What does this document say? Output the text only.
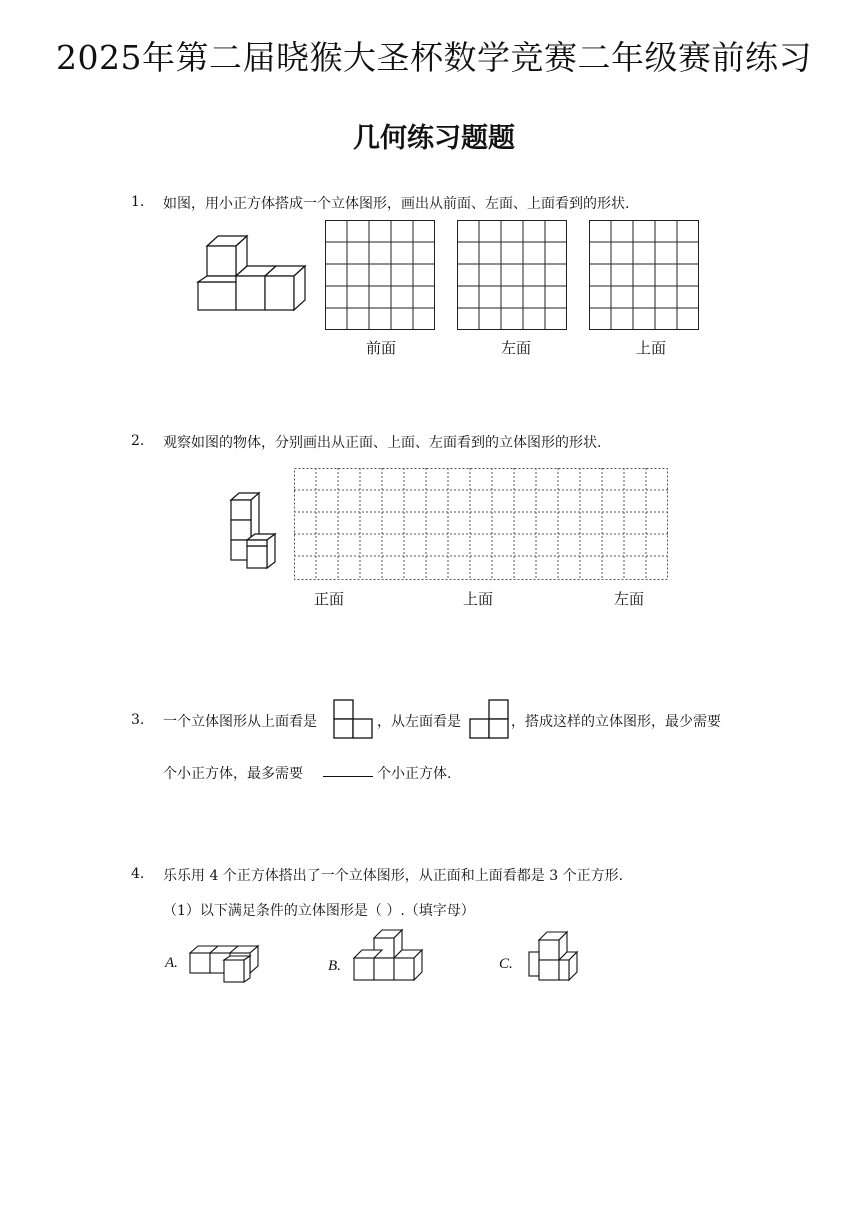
2025年第二届晓猴大圣杯数学竞赛二年级赛前练习
几何练习题题
1. 如图，用小正方体搭成一个立体图形，画出从前面、左面、上面看到的形状.
前面	左面	上面
2. 观察如图的物体，分别画出从正面、上面、左面看到的立体图形的形状.
正面	上面	左面
3. 一个立体图形从上面看是	，从左面看是	，搭成这样的立体图形，最少需要
个小正方体，最多需要	个小正方体.
4. 乐乐用 4 个正方体搭出了一个立体图形，从正面和上面看都是 3 个正方形.
（1）以下满足条件的立体图形是（ ）.（填字母）
A.	B.	C.
